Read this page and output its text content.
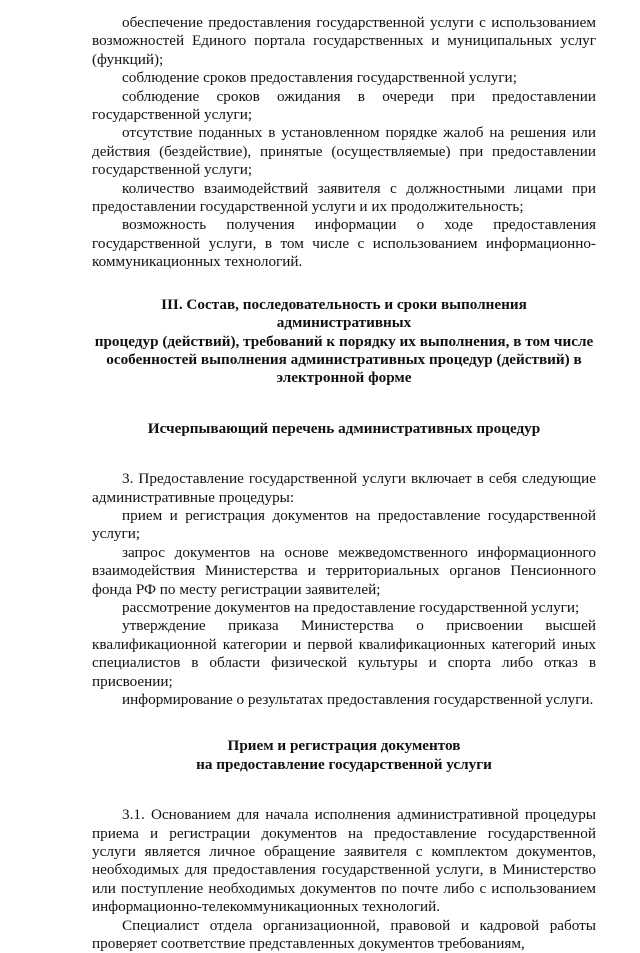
обеспечение предоставления государственной услуги с использованием возможностей Единого портала государственных и муниципальных услуг (функций);

соблюдение сроков предоставления государственной услуги;

соблюдение сроков ожидания в очереди при предоставлении государственной услуги;

отсутствие поданных в установленном порядке жалоб на решения или действия (бездействие), принятые (осуществляемые) при предоставлении государственной услуги;

количество взаимодействий заявителя с должностными лицами при предоставлении государственной услуги и их продолжительность;

возможность получения информации о ходе предоставления государственной услуги, в том числе с использованием информационно-коммуникационных технологий.

III. Состав, последовательность и сроки выполнения административных
процедур (действий), требований к порядку их выполнения, в том числе
особенностей выполнения административных процедур (действий) в
электронной форме
Исчерпывающий перечень административных процедур

3. Предоставление государственной услуги включает в себя следующие административные процедуры:

прием и регистрация документов на предоставление государственной услуги;

запрос документов на основе межведомственного информационного взаимодействия Министерства и территориальных органов Пенсионного фонда РФ по месту регистрации заявителей;

рассмотрение документов на предоставление государственной услуги;

утверждение приказа Министерства о присвоении высшей квалификационной категории и первой квалификационных категорий иных специалистов в области физической культуры и спорта либо отказ в присвоении;

информирование о результатах предоставления государственной услуги.

Прием и регистрация документов
на предоставление государственной услуги

3.1. Основанием для начала исполнения административной процедуры приема и регистрации документов на предоставление государственной услуги является личное обращение заявителя с комплектом документов, необходимых для предоставления государственной услуги, в Министерство или поступление необходимых документов по почте либо с использованием информационно-телекоммуникационных технологий.

Специалист отдела организационной, правовой и кадровой работы проверяет соответствие представленных документов требованиям,
